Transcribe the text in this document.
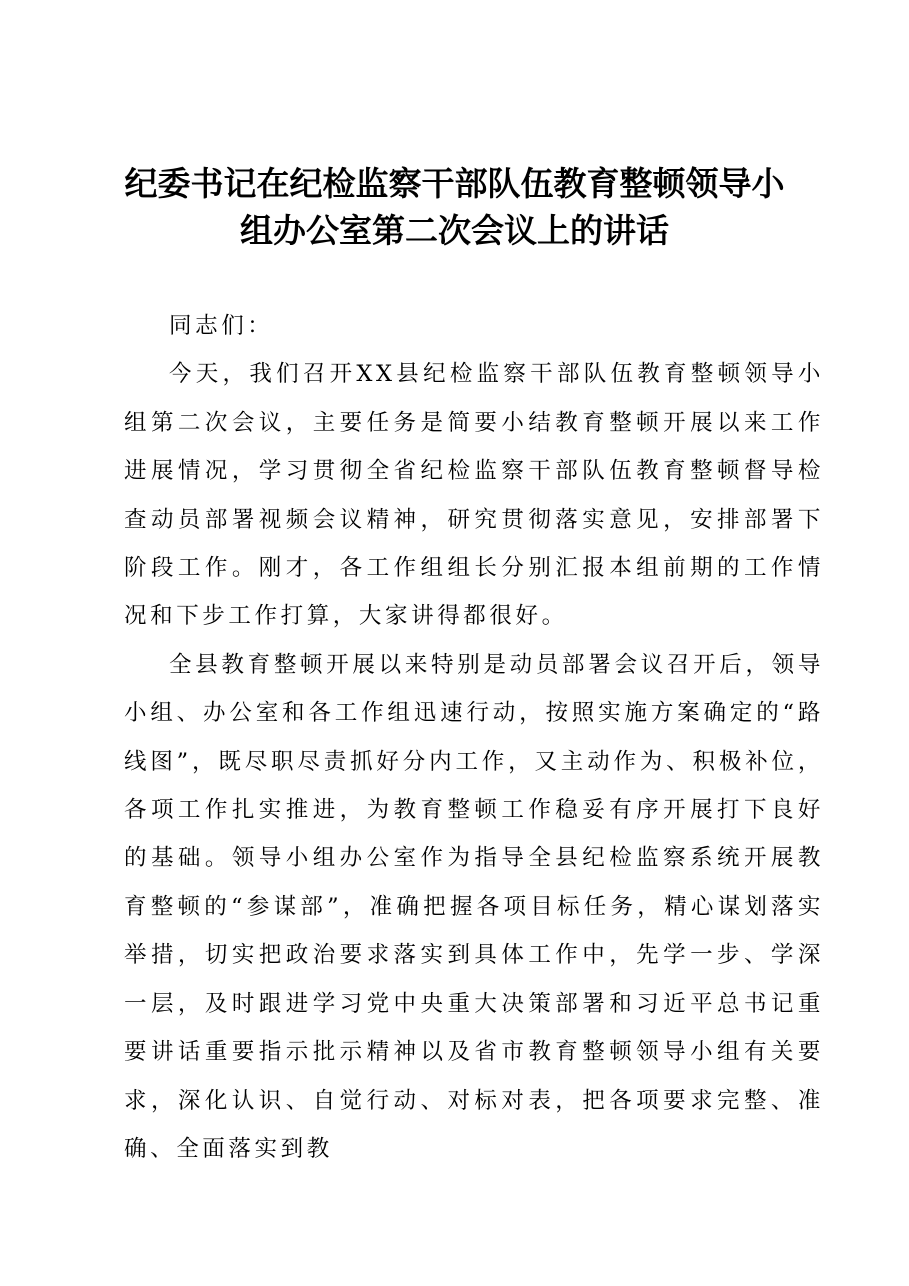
纪委书记在纪检监察干部队伍教育整顿领导小
组办公室第二次会议上的讲话

同志们：

今天，我们召开XX县纪检监察干部队伍教育整顿领导小组第二次会议，主要任务是简要小结教育整顿开展以来工作进展情况，学习贯彻全省纪检监察干部队伍教育整顿督导检查动员部署视频会议精神，研究贯彻落实意见，安排部署下阶段工作。刚才，各工作组组长分别汇报本组前期的工作情况和下步工作打算，大家讲得都很好。

全县教育整顿开展以来特别是动员部署会议召开后，领导小组、办公室和各工作组迅速行动，按照实施方案确定的“路线图”，既尽职尽责抓好分内工作，又主动作为、积极补位，各项工作扎实推进，为教育整顿工作稳妥有序开展打下良好的基础。领导小组办公室作为指导全县纪检监察系统开展教育整顿的“参谋部”，准确把握各项目标任务，精心谋划落实举措，切实把政治要求落实到具体工作中，先学一步、学深一层，及时跟进学习党中央重大决策部署和习近平总书记重要讲话重要指示批示精神以及省市教育整顿领导小组有关要求，深化认识、自觉行动、对标对表，把各项要求完整、准确、全面落实到教
